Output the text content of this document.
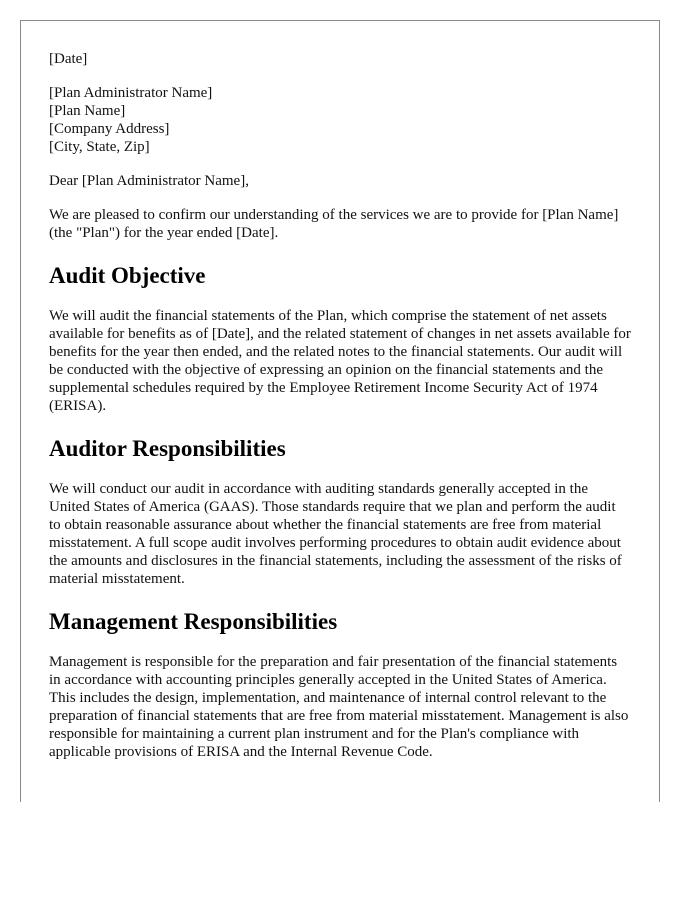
[Date]
[Plan Administrator Name]
[Plan Name]
[Company Address]
[City, State, Zip]

Dear [Plan Administrator Name],

We are pleased to confirm our understanding of the services we are to provide for [Plan Name] (the "Plan") for the year ended [Date].

Audit Objective

We will audit the financial statements of the Plan, which comprise the statement of net assets available for benefits as of [Date], and the related statement of changes in net assets available for benefits for the year then ended, and the related notes to the financial statements. Our audit will be conducted with the objective of expressing an opinion on the financial statements and the supplemental schedules required by the Employee Retirement Income Security Act of 1974 (ERISA).

Auditor Responsibilities

We will conduct our audit in accordance with auditing standards generally accepted in the United States of America (GAAS). Those standards require that we plan and perform the audit to obtain reasonable assurance about whether the financial statements are free from material misstatement. A full scope audit involves performing procedures to obtain audit evidence about the amounts and disclosures in the financial statements, including the assessment of the risks of material misstatement.

Management Responsibilities

Management is responsible for the preparation and fair presentation of the financial statements in accordance with accounting principles generally accepted in the United States of America. This includes the design, implementation, and maintenance of internal control relevant to the preparation of financial statements that are free from material misstatement. Management is also responsible for maintaining a current plan instrument and for the Plan's compliance with applicable provisions of ERISA and the Internal Revenue Code.
